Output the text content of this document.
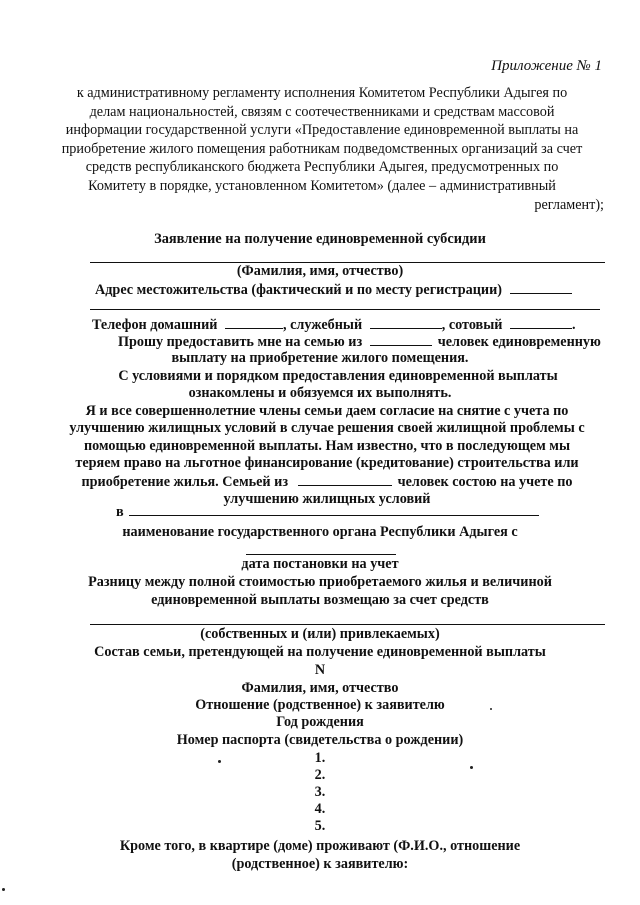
Приложение № 1
к административному регламенту исполнения Комитетом Республики Адыгея по
делам национальностей, связям с соотечественниками и средствам массовой
информации государственной услуги «Предоставление единовременной выплаты на
приобретение жилого помещения работникам подведомственных организаций за счет
средств республиканского бюджета Республики Адыгея, предусмотренных по
Комитету в порядке, установленном Комитетом» (далее – административный
регламент);
Заявление на получение единовременной субсидии
(Фамилия, имя, отчество)
Адрес местожительства (фактический и по месту регистрации)
Телефон домашний	, служебный	, сотовый	.
Прошу предоставить мне на семью из	человек единовременную
выплату на приобретение жилого помещения.
С условиями и порядком предоставления единовременной выплаты
ознакомлены и обязуемся их выполнять.
Я и все совершеннолетние члены семьи даем согласие на снятие с учета по
улучшению жилищных условий в случае решения своей жилищной проблемы с
помощью единовременной выплаты. Нам известно, что в последующем мы
теряем право на льготное финансирование (кредитование) строительства или
приобретение жилья. Семьей из	человек состою на учете по
улучшению жилищных условий
в
наименование государственного органа Республики Адыгея с
дата постановки на учет
Разницу между полной стоимостью приобретаемого жилья и величиной
единовременной выплаты возмещаю за счет средств
(собственных и (или) привлекаемых)
Состав семьи, претендующей на получение единовременной выплаты
N
Фамилия, имя, отчество
Отношение (родственное) к заявителю
Год рождения
Номер паспорта (свидетельства о рождении)
1.
2.
3.
4.
5.
Кроме того, в квартире (доме) проживают (Ф.И.О., отношение
(родственное) к заявителю:
